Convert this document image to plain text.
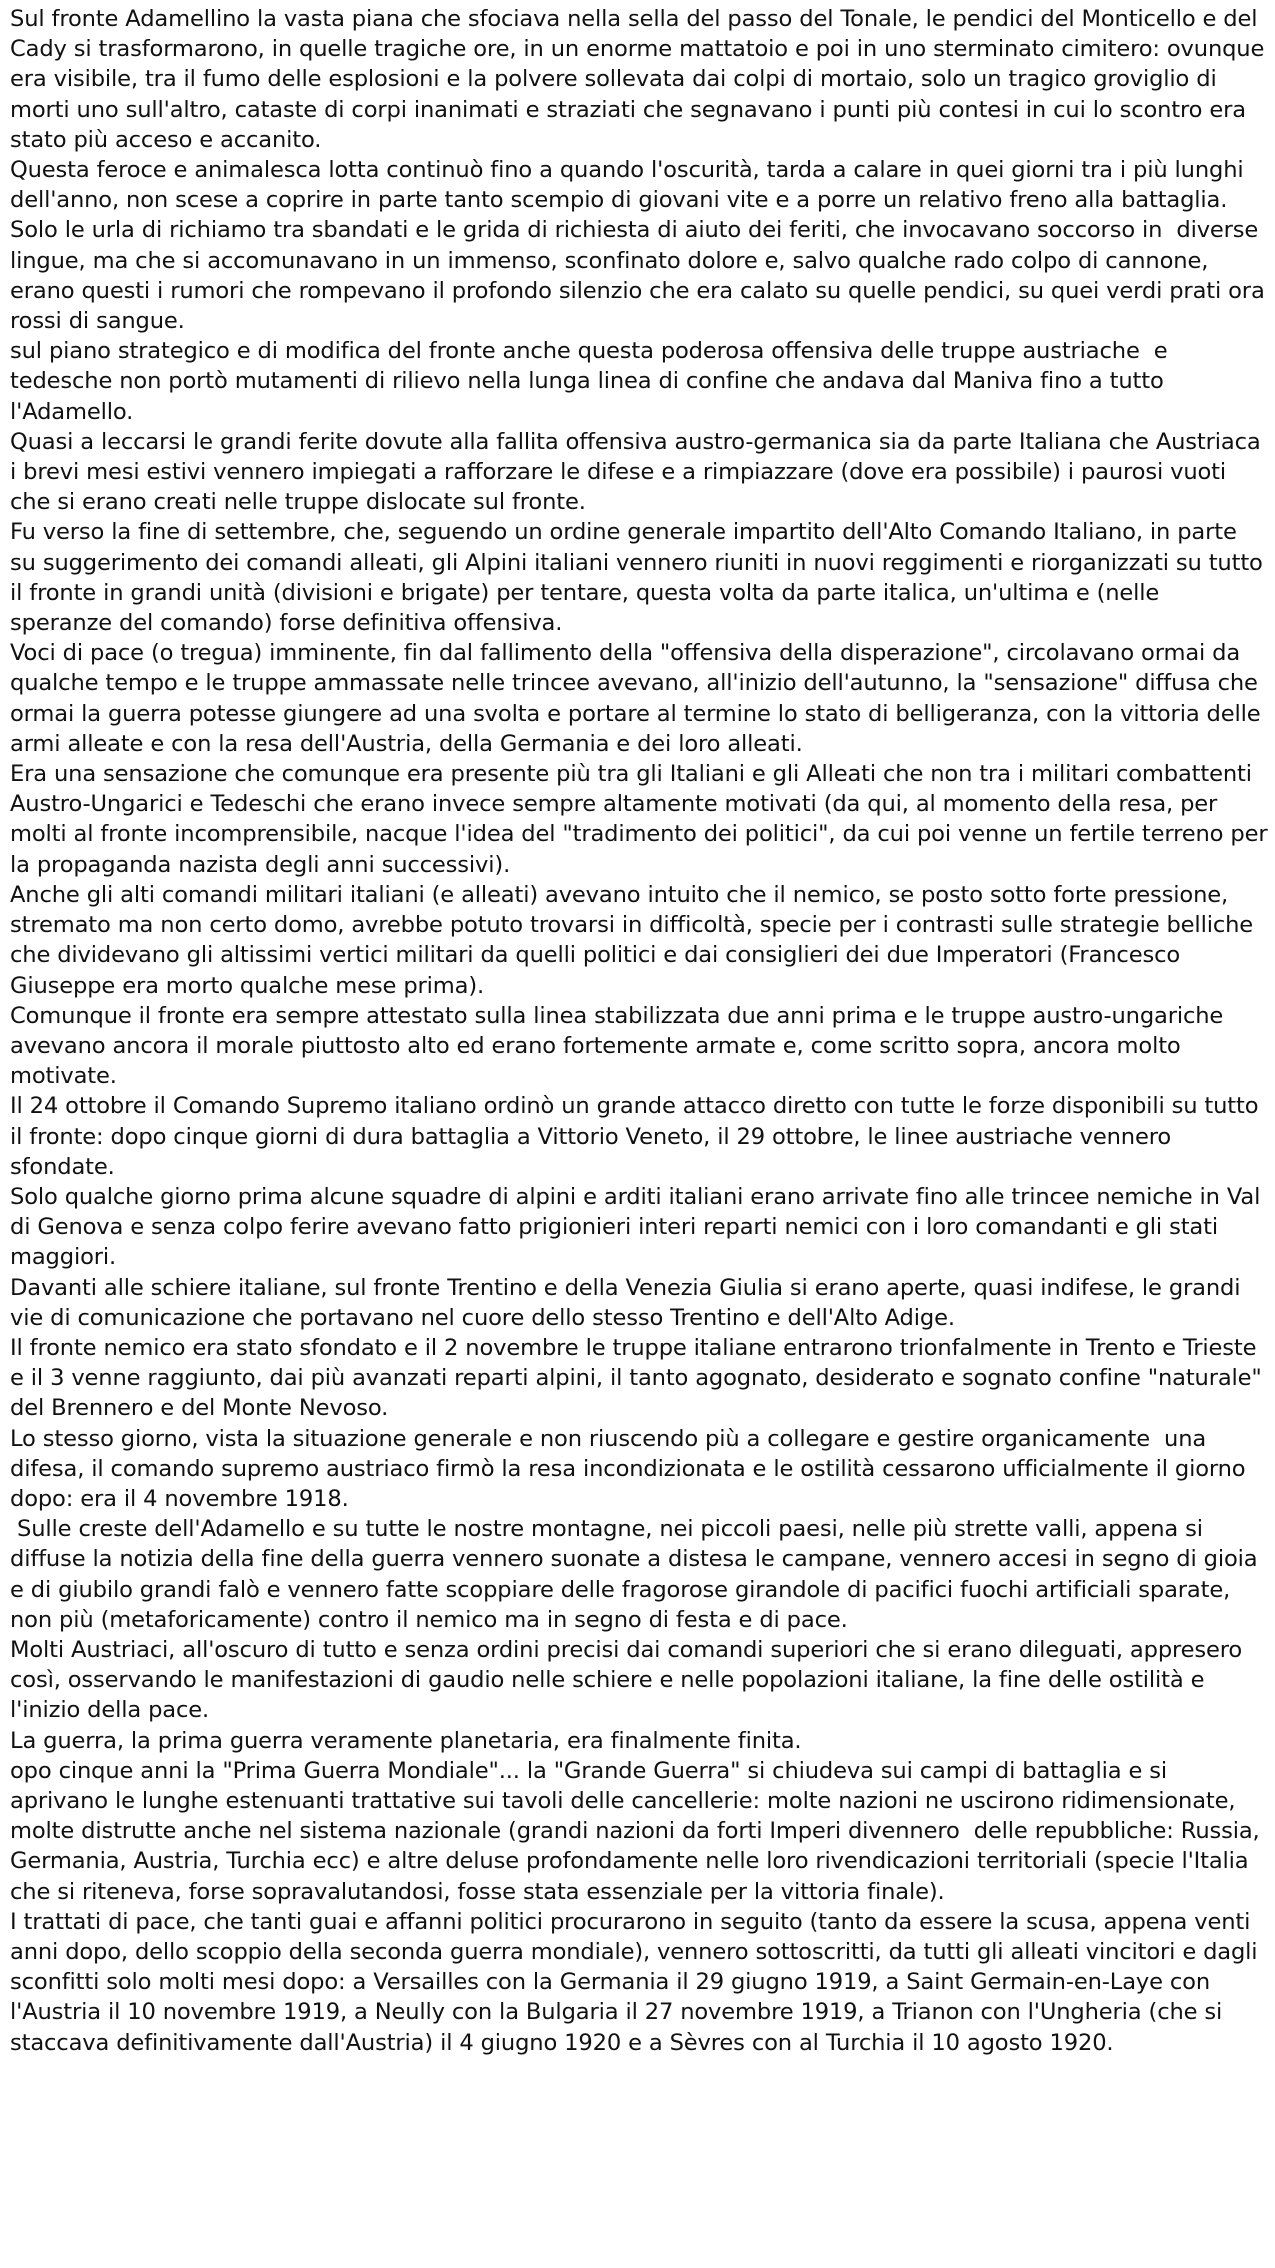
Sul fronte Adamellino la vasta piana che sfociava nella sella del passo del Tonale, le pendici del Monticello e del Cady si trasformarono, in quelle tragiche ore, in un enorme mattatoio e poi in uno sterminato cimitero: ovunque era visibile, tra il fumo delle esplosioni e la polvere sollevata dai colpi di mortaio, solo un tragico groviglio di morti uno sull'altro, cataste di corpi inanimati e straziati che segnavano i punti più contesi in cui lo scontro era stato più acceso e accanito.

Questa feroce e animalesca lotta continuò fino a quando l'oscurità, tarda a calare in quei giorni tra i più lunghi dell'anno, non scese a coprire in parte tanto scempio di giovani vite e a porre un relativo freno alla battaglia.

Solo le urla di richiamo tra sbandati e le grida di richiesta di aiuto dei feriti, che invocavano soccorso in  diverse lingue, ma che si accomunavano in un immenso, sconfinato dolore e, salvo qualche rado colpo di cannone, erano questi i rumori che rompevano il profondo silenzio che era calato su quelle pendici, su quei verdi prati ora rossi di sangue.

sul piano strategico e di modifica del fronte anche questa poderosa offensiva delle truppe austriache  e tedesche non portò mutamenti di rilievo nella lunga linea di confine che andava dal Maniva fino a tutto l'Adamello.

Quasi a leccarsi le grandi ferite dovute alla fallita offensiva austro-germanica sia da parte Italiana che Austriaca i brevi mesi estivi vennero impiegati a rafforzare le difese e a rimpiazzare (dove era possibile) i paurosi vuoti che si erano creati nelle truppe dislocate sul fronte.

Fu verso la fine di settembre, che, seguendo un ordine generale impartito dell'Alto Comando Italiano, in parte su suggerimento dei comandi alleati, gli Alpini italiani vennero riuniti in nuovi reggimenti e riorganizzati su tutto il fronte in grandi unità (divisioni e brigate) per tentare, questa volta da parte italica, un'ultima e (nelle speranze del comando) forse definitiva offensiva.

Voci di pace (o tregua) imminente, fin dal fallimento della "offensiva della disperazione", circolavano ormai da qualche tempo e le truppe ammassate nelle trincee avevano, all'inizio dell'autunno, la "sensazione" diffusa che ormai la guerra potesse giungere ad una svolta e portare al termine lo stato di belligeranza, con la vittoria delle armi alleate e con la resa dell'Austria, della Germania e dei loro alleati.

Era una sensazione che comunque era presente più tra gli Italiani e gli Alleati che non tra i militari combattenti Austro-Ungarici e Tedeschi che erano invece sempre altamente motivati (da qui, al momento della resa, per molti al fronte incomprensibile, nacque l'idea del "tradimento dei politici", da cui poi venne un fertile terreno per la propaganda nazista degli anni successivi).

Anche gli alti comandi militari italiani (e alleati) avevano intuito che il nemico, se posto sotto forte pressione, stremato ma non certo domo, avrebbe potuto trovarsi in difficoltà, specie per i contrasti sulle strategie belliche che dividevano gli altissimi vertici militari da quelli politici e dai consiglieri dei due Imperatori (Francesco Giuseppe era morto qualche mese prima).

Comunque il fronte era sempre attestato sulla linea stabilizzata due anni prima e le truppe austro-ungariche avevano ancora il morale piuttosto alto ed erano fortemente armate e, come scritto sopra, ancora molto motivate.

Il 24 ottobre il Comando Supremo italiano ordinò un grande attacco diretto con tutte le forze disponibili su tutto il fronte: dopo cinque giorni di dura battaglia a Vittorio Veneto, il 29 ottobre, le linee austriache vennero sfondate.

Solo qualche giorno prima alcune squadre di alpini e arditi italiani erano arrivate fino alle trincee nemiche in Val di Genova e senza colpo ferire avevano fatto prigionieri interi reparti nemici con i loro comandanti e gli stati maggiori.

Davanti alle schiere italiane, sul fronte Trentino e della Venezia Giulia si erano aperte, quasi indifese, le grandi vie di comunicazione che portavano nel cuore dello stesso Trentino e dell'Alto Adige.

Il fronte nemico era stato sfondato e il 2 novembre le truppe italiane entrarono trionfalmente in Trento e Trieste e il 3 venne raggiunto, dai più avanzati reparti alpini, il tanto agognato, desiderato e sognato confine "naturale" del Brennero e del Monte Nevoso.

Lo stesso giorno, vista la situazione generale e non riuscendo più a collegare e gestire organicamente  una difesa, il comando supremo austriaco firmò la resa incondizionata e le ostilità cessarono ufficialmente il giorno dopo: era il 4 novembre 1918.

Sulle creste dell'Adamello e su tutte le nostre montagne, nei piccoli paesi, nelle più strette valli, appena si diffuse la notizia della fine della guerra vennero suonate a distesa le campane, vennero accesi in segno di gioia e di giubilo grandi falò e vennero fatte scoppiare delle fragorose girandole di pacifici fuochi artificiali sparate, non più (metaforicamente) contro il nemico ma in segno di festa e di pace.

Molti Austriaci, all'oscuro di tutto e senza ordini precisi dai comandi superiori che si erano dileguati, appresero così, osservando le manifestazioni di gaudio nelle schiere e nelle popolazioni italiane, la fine delle ostilità e l'inizio della pace.

La guerra, la prima guerra veramente planetaria, era finalmente finita.

opo cinque anni la "Prima Guerra Mondiale"... la "Grande Guerra" si chiudeva sui campi di battaglia e si aprivano le lunghe estenuanti trattative sui tavoli delle cancellerie: molte nazioni ne uscirono ridimensionate, molte distrutte anche nel sistema nazionale (grandi nazioni da forti Imperi divennero  delle repubbliche: Russia, Germania, Austria, Turchia ecc) e altre deluse profondamente nelle loro rivendicazioni territoriali (specie l'Italia che si riteneva, forse sopravalutandosi, fosse stata essenziale per la vittoria finale).

I trattati di pace, che tanti guai e affanni politici procurarono in seguito (tanto da essere la scusa, appena venti anni dopo, dello scoppio della seconda guerra mondiale), vennero sottoscritti, da tutti gli alleati vincitori e dagli sconfitti solo molti mesi dopo: a Versailles con la Germania il 29 giugno 1919, a Saint Germain-en-Laye con l'Austria il 10 novembre 1919, a Neully con la Bulgaria il 27 novembre 1919, a Trianon con l'Ungheria (che si staccava definitivamente dall'Austria) il 4 giugno 1920 e a Sèvres con al Turchia il 10 agosto 1920.
